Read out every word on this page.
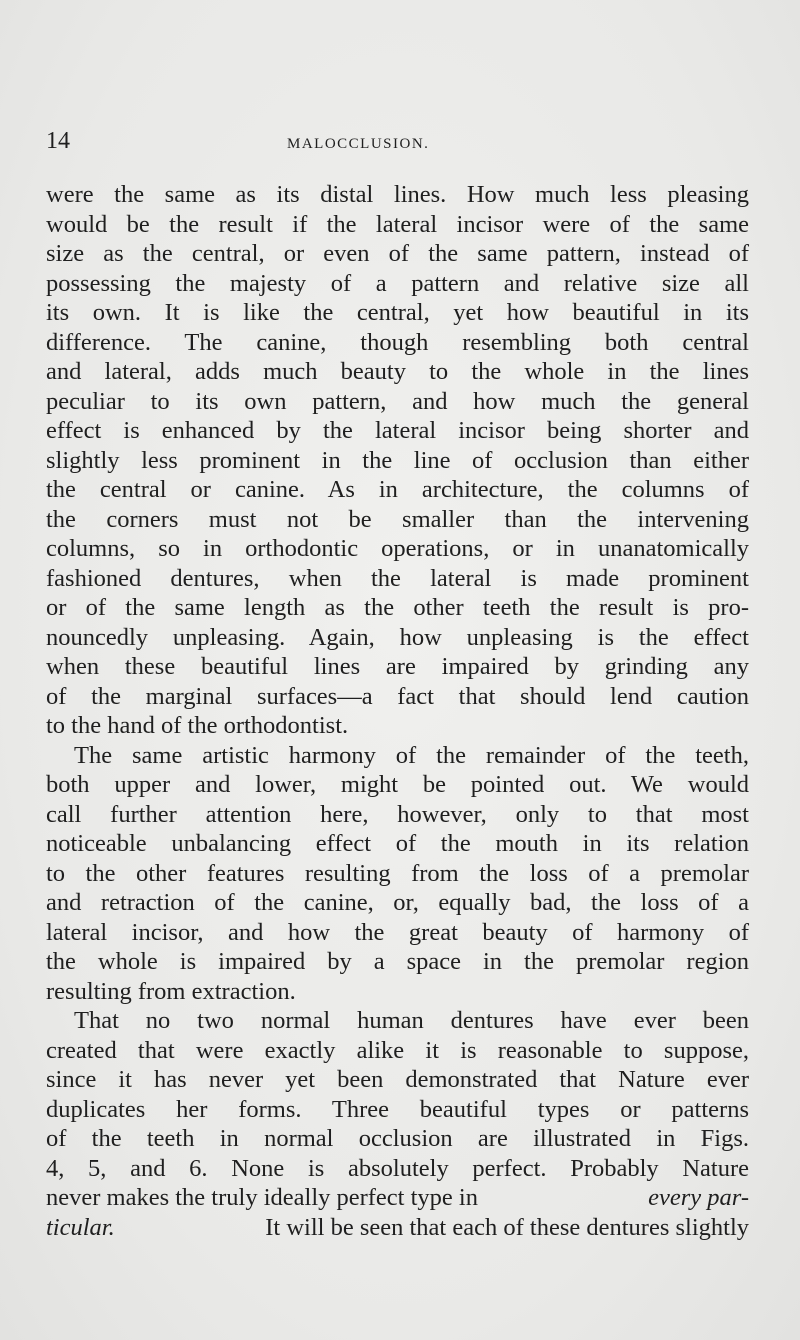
14	MALOCCLUSION.
were the same as its distal lines. How much less pleasing
would be the result if the lateral incisor were of the same
size as the central, or even of the same pattern, instead of
possessing the majesty of a pattern and relative size all
its own. It is like the central, yet how beautiful in its
difference. The canine, though resembling both central
and lateral, adds much beauty to the whole in the lines
peculiar to its own pattern, and how much the general
effect is enhanced by the lateral incisor being shorter and
slightly less prominent in the line of occlusion than either
the central or canine. As in architecture, the columns of
the corners must not be smaller than the intervening
columns, so in orthodontic operations, or in unanatomically
fashioned dentures, when the lateral is made prominent
or of the same length as the other teeth the result is pro-
nouncedly unpleasing. Again, how unpleasing is the effect
when these beautiful lines are impaired by grinding any
of the marginal surfaces—a fact that should lend caution
to the hand of the orthodontist.
The same artistic harmony of the remainder of the teeth,
both upper and lower, might be pointed out. We would
call further attention here, however, only to that most
noticeable unbalancing effect of the mouth in its relation
to the other features resulting from the loss of a premolar
and retraction of the canine, or, equally bad, the loss of a
lateral incisor, and how the great beauty of harmony of
the whole is impaired by a space in the premolar region
resulting from extraction.
That no two normal human dentures have ever been
created that were exactly alike it is reasonable to suppose,
since it has never yet been demonstrated that Nature ever
duplicates her forms. Three beautiful types or patterns
of the teeth in normal occlusion are illustrated in Figs.
4, 5, and 6. None is absolutely perfect. Probably Nature
never makes the truly ideally perfect type in	every par-
ticular.	It will be seen that each of these dentures slightly
